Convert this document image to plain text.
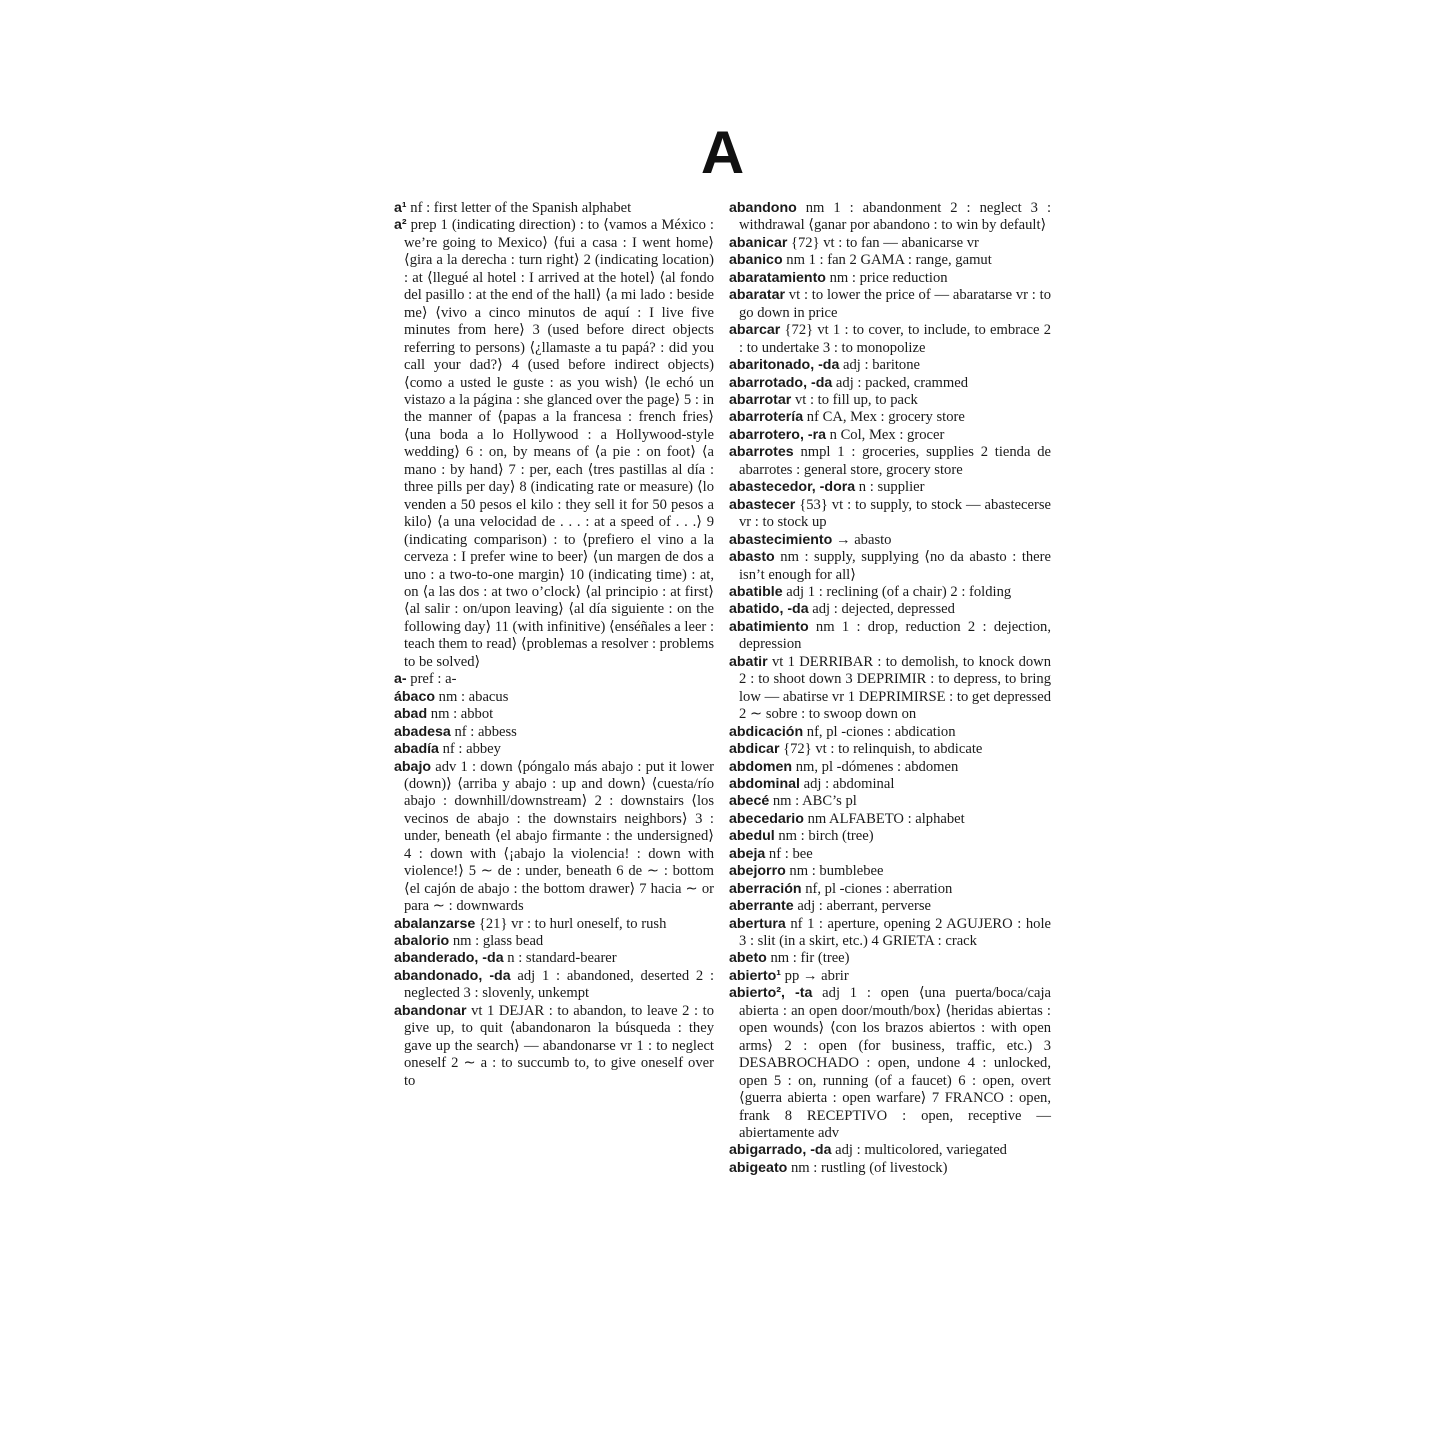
A

a¹ nf : first letter of the Spanish alphabet

a² prep 1 (indicating direction) : to ⟨vamos a México : we’re going to Mexico⟩ ⟨fui a casa : I went home⟩ ⟨gira a la derecha : turn right⟩ 2 (indicating location) : at ⟨llegué al hotel : I arrived at the hotel⟩ ⟨al fondo del pasillo : at the end of the hall⟩ ⟨a mi lado : beside me⟩ ⟨vivo a cinco minutos de aquí : I live five minutes from here⟩ 3 (used before direct objects referring to persons) ⟨¿llamaste a tu papá? : did you call your dad?⟩ 4 (used before indirect objects) ⟨como a usted le guste : as you wish⟩ ⟨le echó un vistazo a la página : she glanced over the page⟩ 5 : in the manner of ⟨papas a la francesa : french fries⟩ ⟨una boda a lo Hollywood : a Hollywood-style wedding⟩ 6 : on, by means of ⟨a pie : on foot⟩ ⟨a mano : by hand⟩ 7 : per, each ⟨tres pastillas al día : three pills per day⟩ 8 (indicating rate or measure) ⟨lo venden a 50 pesos el kilo : they sell it for 50 pesos a kilo⟩ ⟨a una velocidad de . . . : at a speed of . . .⟩ 9 (indicating comparison) : to ⟨prefiero el vino a la cerveza : I prefer wine to beer⟩ ⟨un margen de dos a uno : a two-to-one margin⟩ 10 (indicating time) : at, on ⟨a las dos : at two o’clock⟩ ⟨al principio : at first⟩ ⟨al salir : on/upon leaving⟩ ⟨al día siguiente : on the following day⟩ 11 (with infinitive) ⟨enséñales a leer : teach them to read⟩ ⟨problemas a resolver : problems to be solved⟩

a- pref : a-

ábaco nm : abacus

abad nm : abbot

abadesa nf : abbess

abadía nf : abbey

abajo adv 1 : down ⟨póngalo más abajo : put it lower (down)⟩ ⟨arriba y abajo : up and down⟩ ⟨cuesta/río abajo : downhill/downstream⟩ 2 : downstairs ⟨los vecinos de abajo : the downstairs neighbors⟩ 3 : under, beneath ⟨el abajo firmante : the undersigned⟩ 4 : down with ⟨¡abajo la violencia! : down with violence!⟩ 5 ∼ de : under, beneath 6 de ∼ : bottom ⟨el cajón de abajo : the bottom drawer⟩ 7 hacia ∼ or para ∼ : downwards

abalanzarse {21} vr : to hurl oneself, to rush

abalorio nm : glass bead

abanderado, -da n : standard-bearer

abandonado, -da adj 1 : abandoned, deserted 2 : neglected 3 : slovenly, unkempt

abandonar vt 1 DEJAR : to abandon, to leave 2 : to give up, to quit ⟨abandonaron la búsqueda : they gave up the search⟩ — abandonarse vr 1 : to neglect oneself 2 ∼ a : to succumb to, to give oneself over to

abandono nm 1 : abandonment 2 : neglect 3 : withdrawal ⟨ganar por abandono : to win by default⟩

abanicar {72} vt : to fan — abanicarse vr

abanico nm 1 : fan 2 GAMA : range, gamut

abaratamiento nm : price reduction

abaratar vt : to lower the price of — abaratarse vr : to go down in price

abarcar {72} vt 1 : to cover, to include, to embrace 2 : to undertake 3 : to monopolize

abaritonado, -da adj : baritone

abarrotado, -da adj : packed, crammed

abarrotar vt : to fill up, to pack

abarrotería nf CA, Mex : grocery store

abarrotero, -ra n Col, Mex : grocer

abarrotes nmpl 1 : groceries, supplies 2 tienda de abarrotes : general store, grocery store

abastecedor, -dora n : supplier

abastecer {53} vt : to supply, to stock — abastecerse vr : to stock up

abastecimiento → abasto

abasto nm : supply, supplying ⟨no da abasto : there isn’t enough for all⟩

abatible adj 1 : reclining (of a chair) 2 : folding

abatido, -da adj : dejected, depressed

abatimiento nm 1 : drop, reduction 2 : dejection, depression

abatir vt 1 DERRIBAR : to demolish, to knock down 2 : to shoot down 3 DEPRIMIR : to depress, to bring low — abatirse vr 1 DEPRIMIRSE : to get depressed 2 ∼ sobre : to swoop down on

abdicación nf, pl -ciones : abdication

abdicar {72} vt : to relinquish, to abdicate

abdomen nm, pl -dómenes : abdomen

abdominal adj : abdominal

abecé nm : ABC’s pl

abecedario nm ALFABETO : alphabet

abedul nm : birch (tree)

abeja nf : bee

abejorro nm : bumblebee

aberración nf, pl -ciones : aberration

aberrante adj : aberrant, perverse

abertura nf 1 : aperture, opening 2 AGUJERO : hole 3 : slit (in a skirt, etc.) 4 GRIETA : crack

abeto nm : fir (tree)

abierto¹ pp → abrir

abierto², -ta adj 1 : open ⟨una puerta/boca/caja abierta : an open door/mouth/box⟩ ⟨heridas abiertas : open wounds⟩ ⟨con los brazos abiertos : with open arms⟩ 2 : open (for business, traffic, etc.) 3 DESABROCHADO : open, undone 4 : unlocked, open 5 : on, running (of a faucet) 6 : open, overt ⟨guerra abierta : open warfare⟩ 7 FRANCO : open, frank 8 RECEPTIVO : open, receptive — abiertamente adv

abigarrado, -da adj : multicolored, variegated

abigeato nm : rustling (of livestock)
